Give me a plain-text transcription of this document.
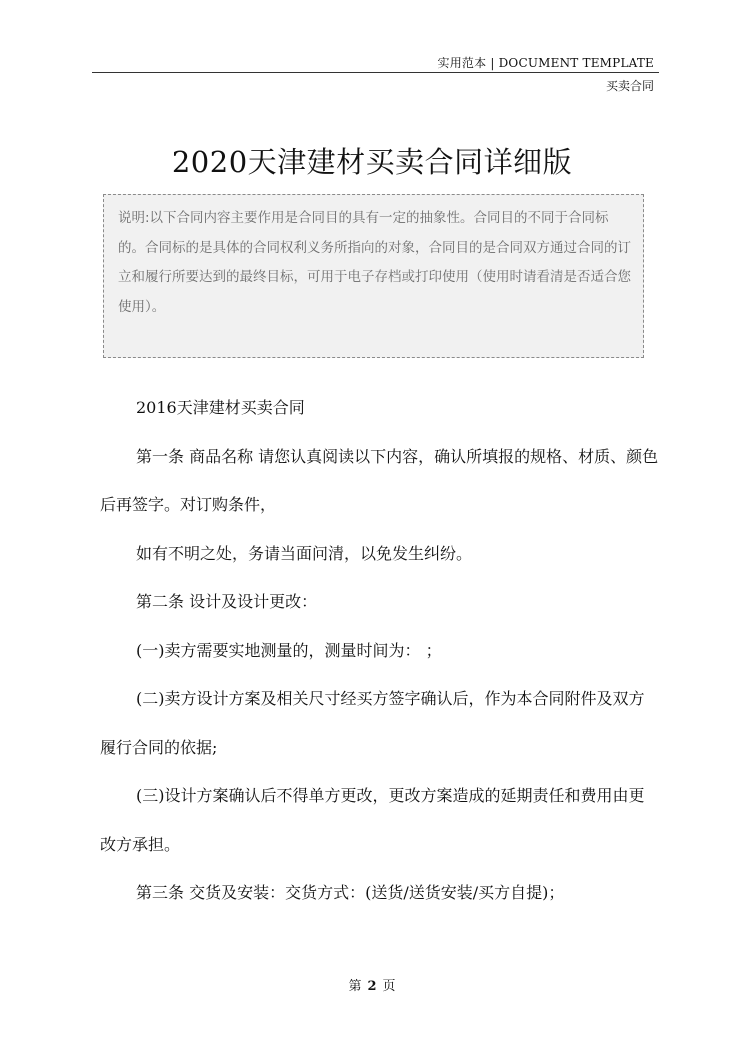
实用范本 | DOCUMENT TEMPLATE
买卖合同
2020天津建材买卖合同详细版
说明:以下合同内容主要作用是合同目的具有一定的抽象性。合同目的不同于合同标的。合同标的是具体的合同权利义务所指向的对象，合同目的是合同双方通过合同的订立和履行所要达到的最终目标，可用于电子存档或打印使用（使用时请看清是否适合您使用）。

2016天津建材买卖合同

第一条 商品名称 请您认真阅读以下内容，确认所填报的规格、材质、颜色后再签字。对订购条件，

如有不明之处，务请当面问清，以免发生纠纷。

第二条 设计及设计更改：

(一)卖方需要实地测量的，测量时间为： ；

(二)卖方设计方案及相关尺寸经买方签字确认后，作为本合同附件及双方履行合同的依据;

(三)设计方案确认后不得单方更改，更改方案造成的延期责任和费用由更改方承担。

第三条 交货及安装：交货方式：(送货/送货安装/买方自提)；

第 2 页
